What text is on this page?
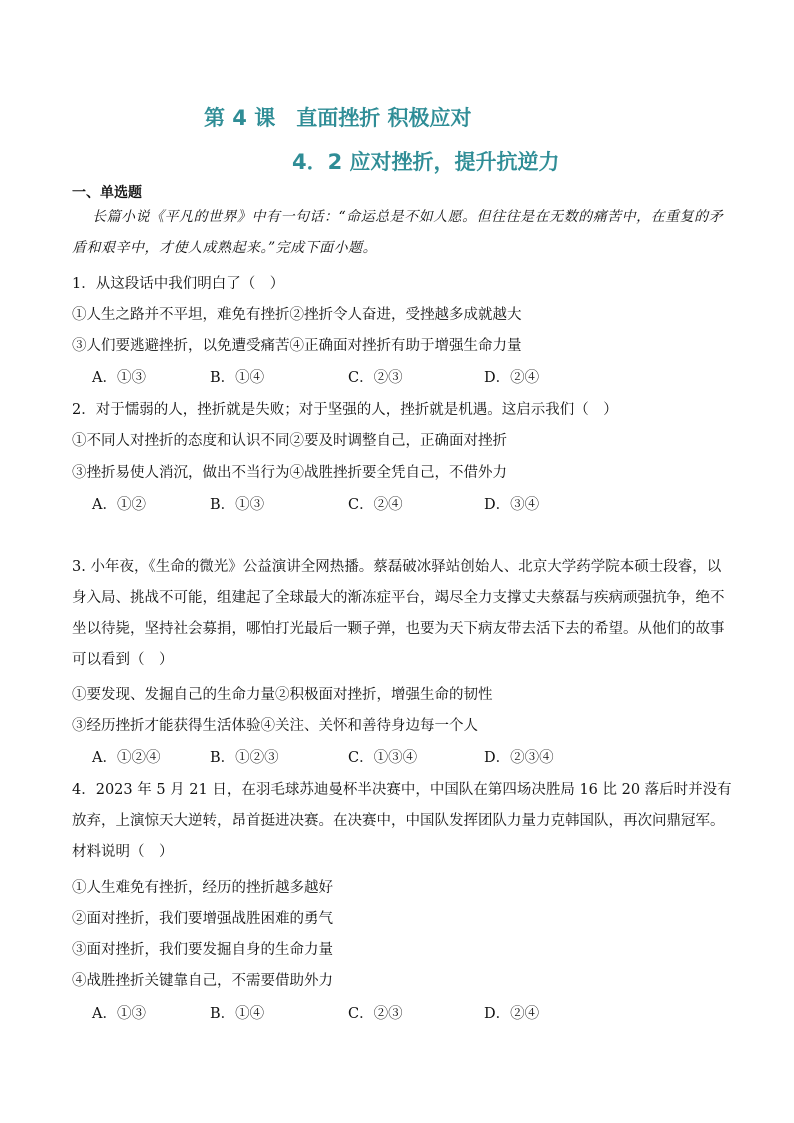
第 4 课　直面挫折 积极应对
4．2 应对挫折，提升抗逆力
一、单选题
长篇小说《平凡的世界》中有一句话：“命运总是不如人愿。但往往是在无数的痛苦中，在重复的矛盾和艰辛中，才使人成熟起来。”完成下面小题。
1．从这段话中我们明白了（　）
①人生之路并不平坦，难免有挫折②挫折令人奋进，受挫越多成就越大
③人们要逃避挫折，以免遭受痛苦④正确面对挫折有助于增强生命力量
A．①③	B．①④	C．②③	D．②④
2．对于懦弱的人，挫折就是失败；对于坚强的人，挫折就是机遇。这启示我们（　）
①不同人对挫折的态度和认识不同②要及时调整自己，正确面对挫折
③挫折易使人消沉，做出不当行为④战胜挫折要全凭自己，不借外力
A．①②	B．①③	C．②④	D．③④
3. 小年夜，《生命的微光》公益演讲全网热播。蔡磊破冰驿站创始人、北京大学药学院本硕士段睿，以身入局、挑战不可能，组建起了全球最大的渐冻症平台，竭尽全力支撑丈夫蔡磊与疾病顽强抗争，绝不坐以待毙，坚持社会募捐，哪怕打光最后一颗子弹，也要为天下病友带去活下去的希望。从他们的故事可以看到（　）
①要发现、发掘自己的生命力量②积极面对挫折，增强生命的韧性
③经历挫折才能获得生活体验④关注、关怀和善待身边每一个人
A．①②④	B．①②③	C．①③④	D．②③④
4．2023 年 5 月 21 日，在羽毛球苏迪曼杯半决赛中，中国队在第四场决胜局 16 比 20 落后时并没有放弃，上演惊天大逆转，昂首挺进决赛。在决赛中，中国队发挥团队力量力克韩国队，再次问鼎冠军。材料说明（　）
①人生难免有挫折，经历的挫折越多越好
②面对挫折，我们要增强战胜困难的勇气
③面对挫折，我们要发掘自身的生命力量
④战胜挫折关键靠自己，不需要借助外力
A．①③	B．①④	C．②③	D．②④
